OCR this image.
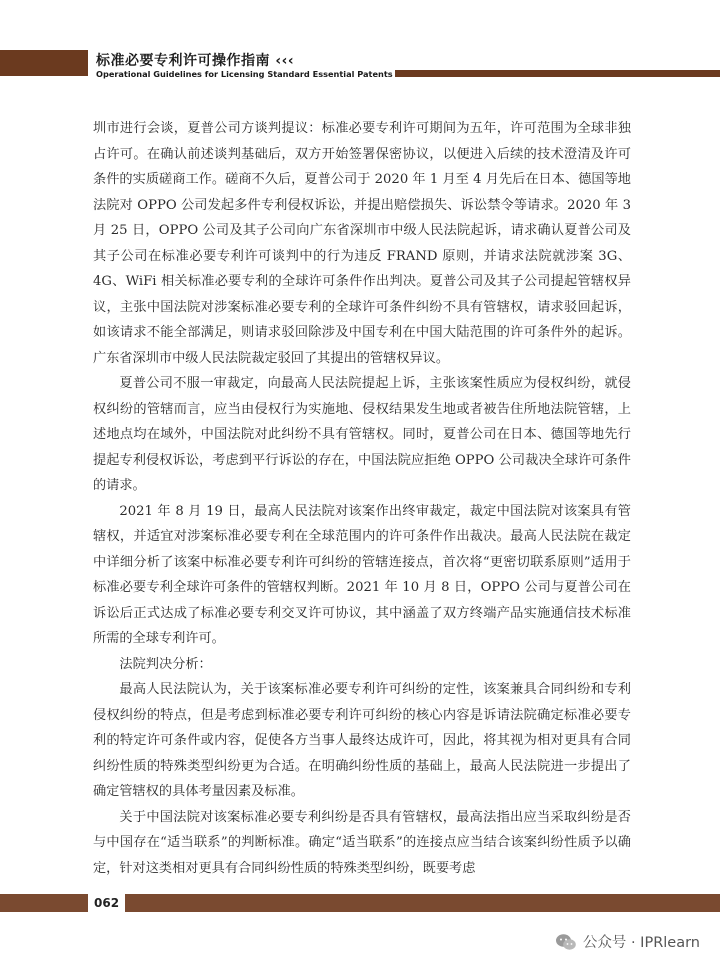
标准必要专利许可操作指南 ‹‹‹
Operational Guidelines for Licensing Standard Essential Patents

圳市进行会谈，夏普公司方谈判提议：标准必要专利许可期间为五年，许可范围为全球非独占许可。在确认前述谈判基础后，双方开始签署保密协议，以便进入后续的技术澄清及许可条件的实质磋商工作。磋商不久后，夏普公司于 2020 年 1 月至 4 月先后在日本、德国等地法院对 OPPO 公司发起多件专利侵权诉讼，并提出赔偿损失、诉讼禁令等请求。2020 年 3 月 25 日，OPPO 公司及其子公司向广东省深圳市中级人民法院起诉，请求确认夏普公司及其子公司在标准必要专利许可谈判中的行为违反 FRAND 原则，并请求法院就涉案 3G、4G、WiFi 相关标准必要专利的全球许可条件作出判决。夏普公司及其子公司提起管辖权异议，主张中国法院对涉案标准必要专利的全球许可条件纠纷不具有管辖权，请求驳回起诉，如该请求不能全部满足，则请求驳回除涉及中国专利在中国大陆范围的许可条件外的起诉。广东省深圳市中级人民法院裁定驳回了其提出的管辖权异议。

夏普公司不服一审裁定，向最高人民法院提起上诉，主张该案性质应为侵权纠纷，就侵权纠纷的管辖而言，应当由侵权行为实施地、侵权结果发生地或者被告住所地法院管辖，上述地点均在域外，中国法院对此纠纷不具有管辖权。同时，夏普公司在日本、德国等地先行提起专利侵权诉讼，考虑到平行诉讼的存在，中国法院应拒绝 OPPO 公司裁决全球许可条件的请求。

2021 年 8 月 19 日，最高人民法院对该案作出终审裁定，裁定中国法院对该案具有管辖权，并适宜对涉案标准必要专利在全球范围内的许可条件作出裁决。最高人民法院在裁定中详细分析了该案中标准必要专利许可纠纷的管辖连接点，首次将“更密切联系原则”适用于标准必要专利全球许可条件的管辖权判断。2021 年 10 月 8 日，OPPO 公司与夏普公司在诉讼后正式达成了标准必要专利交叉许可协议，其中涵盖了双方终端产品实施通信技术标准所需的全球专利许可。

法院判决分析：

最高人民法院认为，关于该案标准必要专利许可纠纷的定性，该案兼具合同纠纷和专利侵权纠纷的特点，但是考虑到标准必要专利许可纠纷的核心内容是诉请法院确定标准必要专利的特定许可条件或内容，促使各方当事人最终达成许可，因此，将其视为相对更具有合同纠纷性质的特殊类型纠纷更为合适。在明确纠纷性质的基础上，最高人民法院进一步提出了确定管辖权的具体考量因素及标准。

关于中国法院对该案标准必要专利纠纷是否具有管辖权，最高法指出应当采取纠纷是否与中国存在“适当联系”的判断标准。确定“适当联系”的连接点应当结合该案纠纷性质予以确定，针对这类相对更具有合同纠纷性质的特殊类型纠纷，既要考虑

062
公众号 · IPRlearn
